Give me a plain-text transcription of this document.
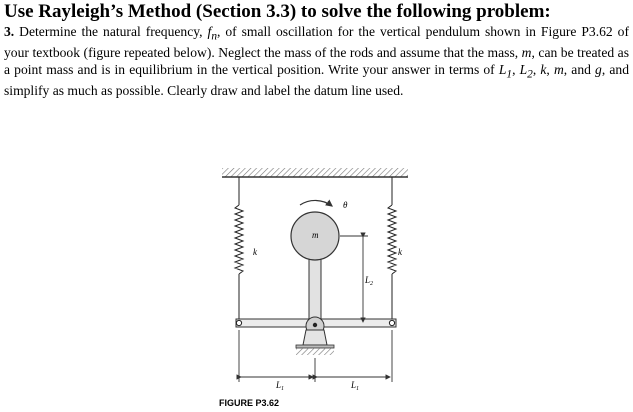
Use Rayleigh’s Method (Section 3.3) to solve the following problem:
3. Determine the natural frequency, $f_n$, of small oscillation for the vertical pendulum shown in Figure P3.62 of your textbook (figure repeated below). Neglect the mass of the rods and assume that the mass, m, can be treated as a point mass and is in equilibrium in the vertical position. Write your answer in terms of $L_1$, $L_2$, k, m, and g, and simplify as much as possible. Clearly draw and label the datum line used.
k	k
m
θ
$L_2$
$L_1$	$L_1$
FIGURE P3.62
